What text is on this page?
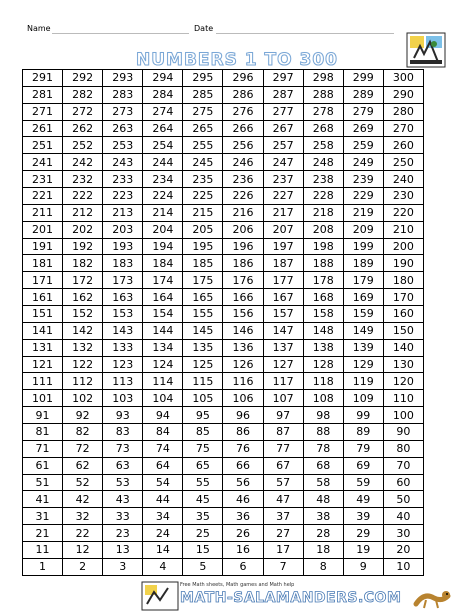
Name	Date
NUMBERS 1 TO 300
291	292	293	294	295	296	297	298	299	300
281	282	283	284	285	286	287	288	289	290
271	272	273	274	275	276	277	278	279	280
261	262	263	264	265	266	267	268	269	270
251	252	253	254	255	256	257	258	259	260
241	242	243	244	245	246	247	248	249	250
231	232	233	234	235	236	237	238	239	240
221	222	223	224	225	226	227	228	229	230
211	212	213	214	215	216	217	218	219	220
201	202	203	204	205	206	207	208	209	210
191	192	193	194	195	196	197	198	199	200
181	182	183	184	185	186	187	188	189	190
171	172	173	174	175	176	177	178	179	180
161	162	163	164	165	166	167	168	169	170
151	152	153	154	155	156	157	158	159	160
141	142	143	144	145	146	147	148	149	150
131	132	133	134	135	136	137	138	139	140
121	122	123	124	125	126	127	128	129	130
111	112	113	114	115	116	117	118	119	120
101	102	103	104	105	106	107	108	109	110
91	92	93	94	95	96	97	98	99	100
81	82	83	84	85	86	87	88	89	90
71	72	73	74	75	76	77	78	79	80
61	62	63	64	65	66	67	68	69	70
51	52	53	54	55	56	57	58	59	60
41	42	43	44	45	46	47	48	49	50
31	32	33	34	35	36	37	38	39	40
21	22	23	24	25	26	27	28	29	30
11	12	13	14	15	16	17	18	19	20
1	2	3	4	5	6	7	8	9	10
Free Math sheets, Math games and Math help
MATH-SALAMANDERS.COM
